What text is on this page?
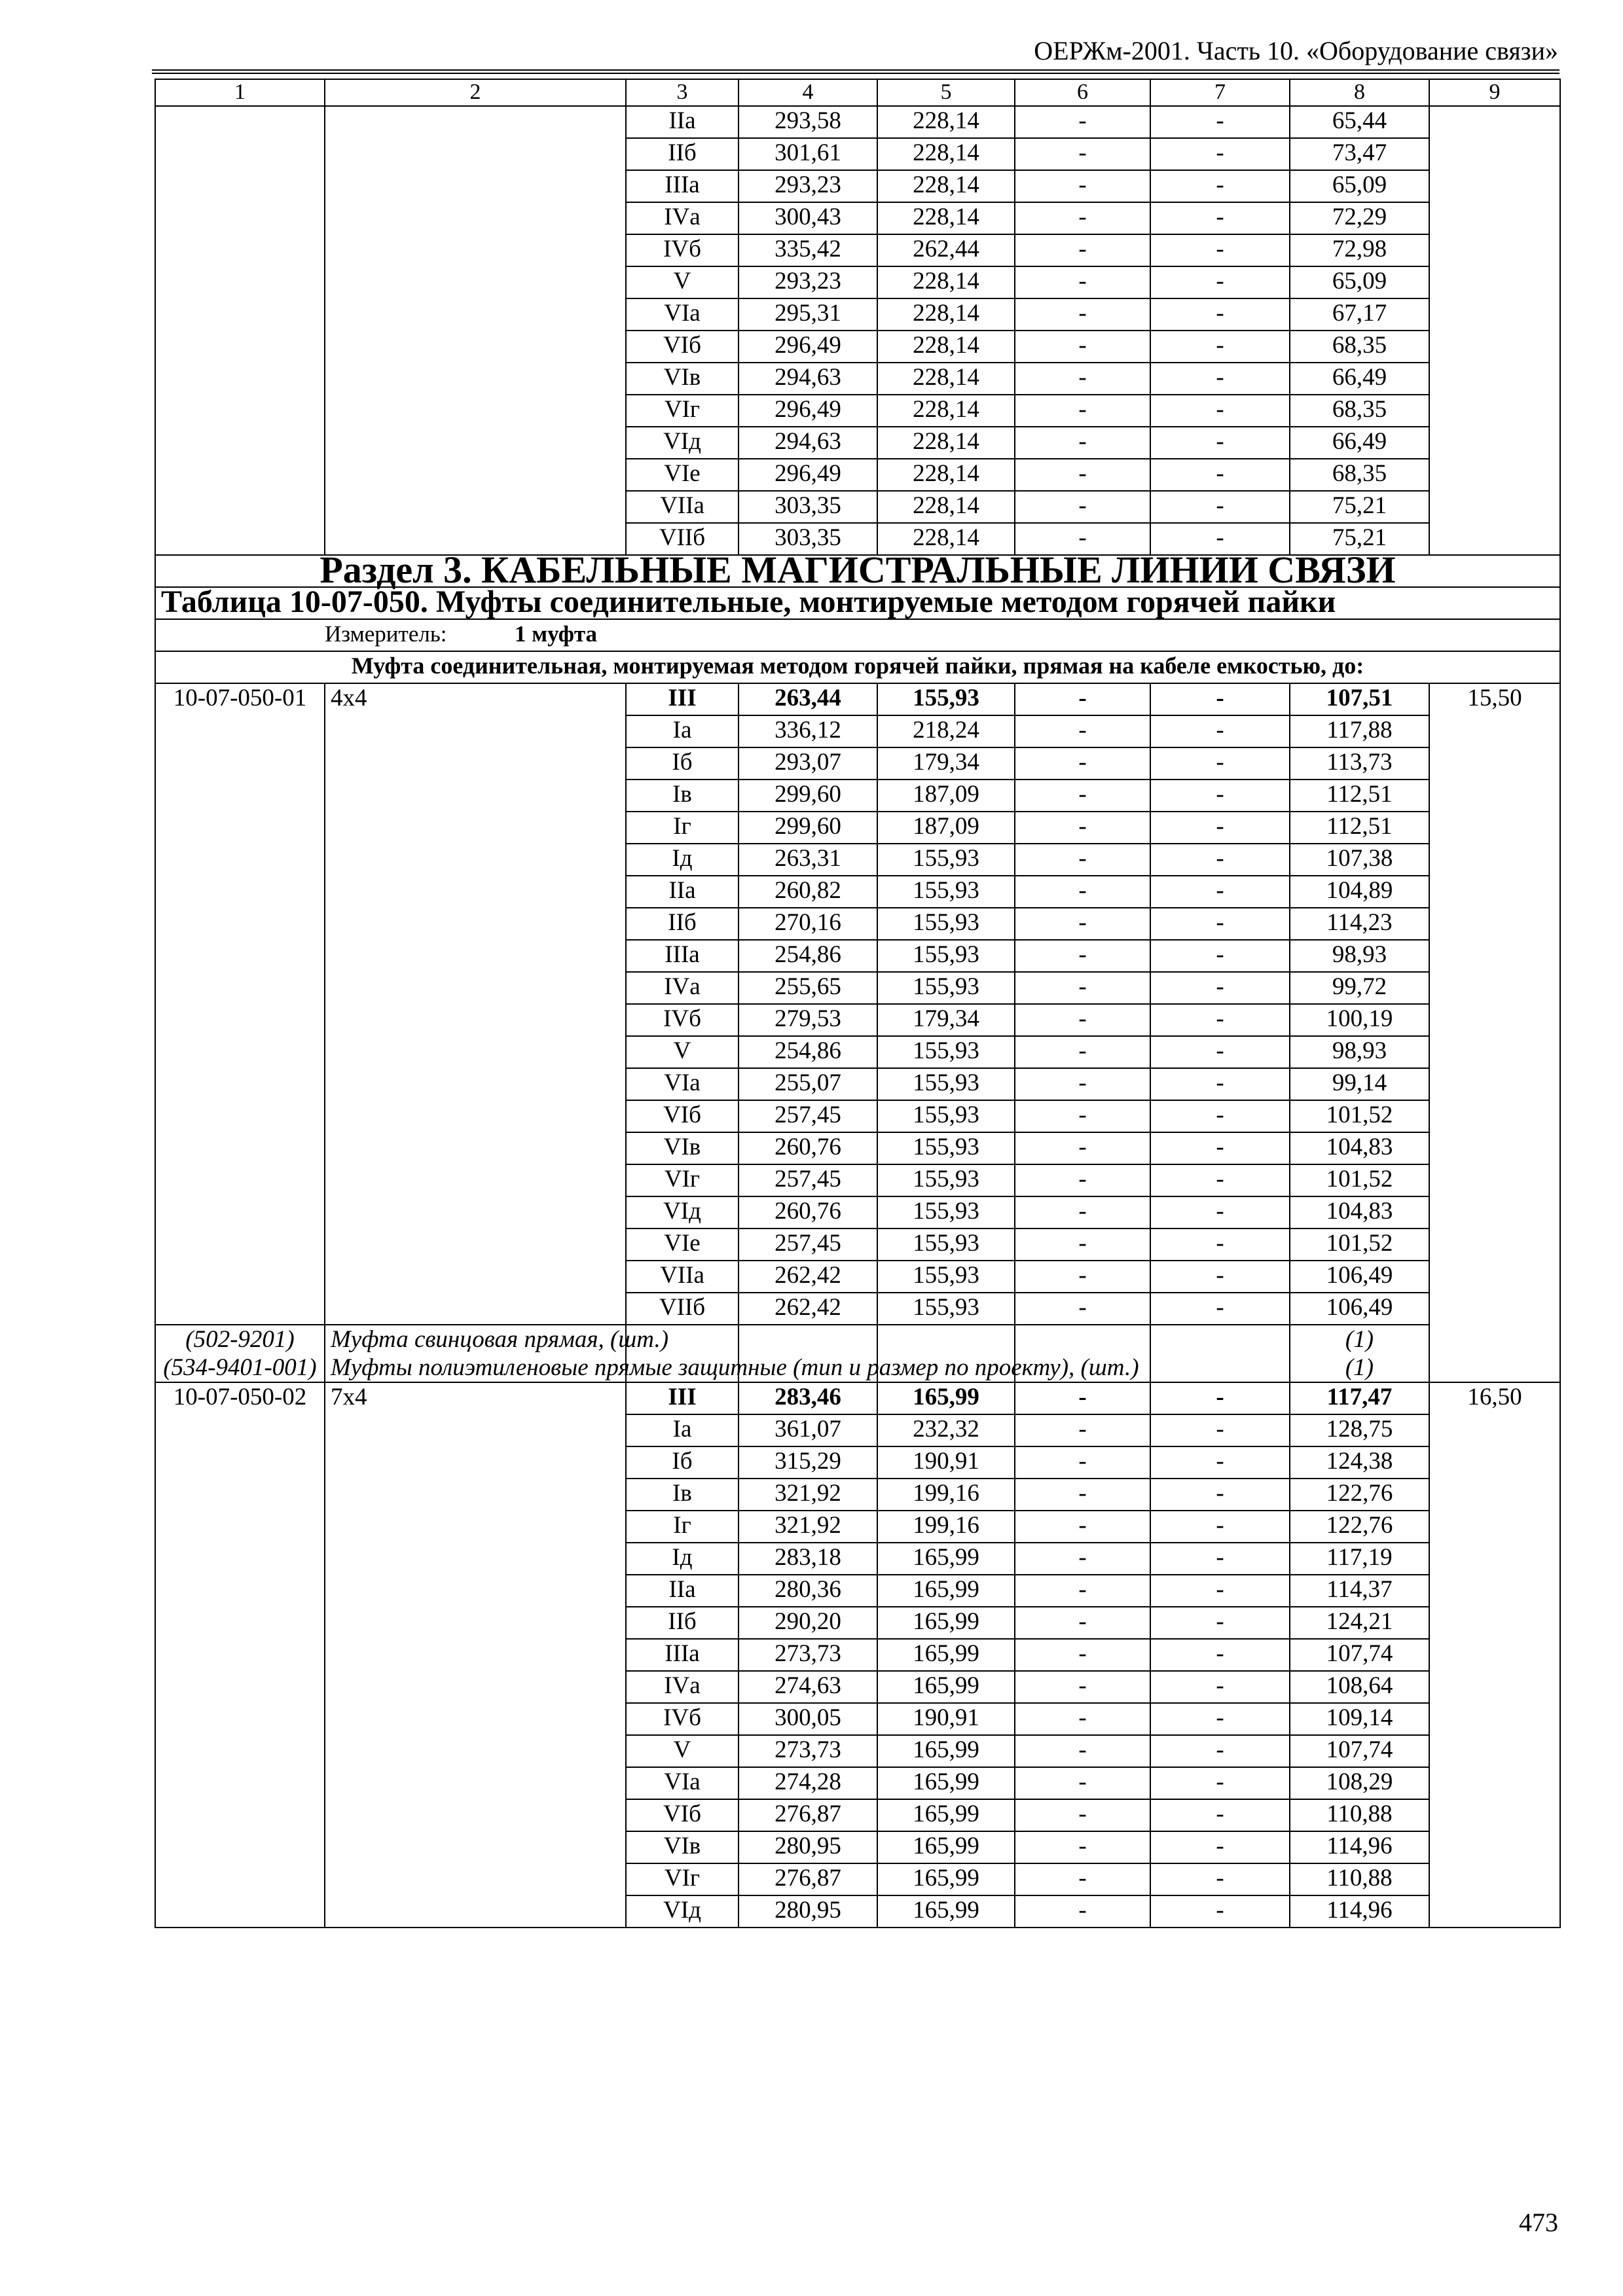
ОЕРЖм-2001. Часть 10. «Оборудование связи»
1	2	3	4	5	6	7	8	9
		IIа	293,58	228,14	-	-	65,44	
		IIб	301,61	228,14	-	-	73,47	
		IIIа	293,23	228,14	-	-	65,09	
		IVа	300,43	228,14	-	-	72,29	
		IVб	335,42	262,44	-	-	72,98	
		V	293,23	228,14	-	-	65,09	
		VIа	295,31	228,14	-	-	67,17	
		VIб	296,49	228,14	-	-	68,35	
		VIв	294,63	228,14	-	-	66,49	
		VIг	296,49	228,14	-	-	68,35	
		VIд	294,63	228,14	-	-	66,49	
		VIе	296,49	228,14	-	-	68,35	
		VIIа	303,35	228,14	-	-	75,21	
		VIIб	303,35	228,14	-	-	75,21	
Раздел 3. КАБЕЛЬНЫЕ МАГИСТРАЛЬНЫЕ ЛИНИИ СВЯЗИ								
Таблица 10-07-050. Муфты соединительные, монтируемые методом горячей пайки								
Измеритель: 1 муфта								
Муфта соединительная, монтируемая методом горячей пайки, прямая на кабеле емкостью, до:								
10-07-050-01	4х4	III	263,44	155,93	-	-	107,51	15,50
		Iа	336,12	218,24	-	-	117,88	
		Iб	293,07	179,34	-	-	113,73	
		Iв	299,60	187,09	-	-	112,51	
		Iг	299,60	187,09	-	-	112,51	
		Iд	263,31	155,93	-	-	107,38	
		IIа	260,82	155,93	-	-	104,89	
		IIб	270,16	155,93	-	-	114,23	
		IIIа	254,86	155,93	-	-	98,93	
		IVа	255,65	155,93	-	-	99,72	
		IVб	279,53	179,34	-	-	100,19	
		V	254,86	155,93	-	-	98,93	
		VIа	255,07	155,93	-	-	99,14	
		VIб	257,45	155,93	-	-	101,52	
		VIв	260,76	155,93	-	-	104,83	
		VIг	257,45	155,93	-	-	101,52	
		VIд	260,76	155,93	-	-	104,83	
		VIе	257,45	155,93	-	-	101,52	
		VIIа	262,42	155,93	-	-	106,49	
		VIIб	262,42	155,93	-	-	106,49	
(502-9201)	Муфта свинцовая прямая, (шт.)						(1)	
(534-9401-001)	Муфты полиэтиленовые прямые защитные (тип и размер по проекту), (шт.)						(1)	
10-07-050-02	7х4	III	283,46	165,99	-	-	117,47	16,50
		Iа	361,07	232,32	-	-	128,75	
		Iб	315,29	190,91	-	-	124,38	
		Iв	321,92	199,16	-	-	122,76	
		Iг	321,92	199,16	-	-	122,76	
		Iд	283,18	165,99	-	-	117,19	
		IIа	280,36	165,99	-	-	114,37	
		IIб	290,20	165,99	-	-	124,21	
		IIIа	273,73	165,99	-	-	107,74	
		IVа	274,63	165,99	-	-	108,64	
		IVб	300,05	190,91	-	-	109,14	
		V	273,73	165,99	-	-	107,74	
		VIа	274,28	165,99	-	-	108,29	
		VIб	276,87	165,99	-	-	110,88	
		VIв	280,95	165,99	-	-	114,96	
		VIг	276,87	165,99	-	-	110,88	
		VIд	280,95	165,99	-	-	114,96	
473
